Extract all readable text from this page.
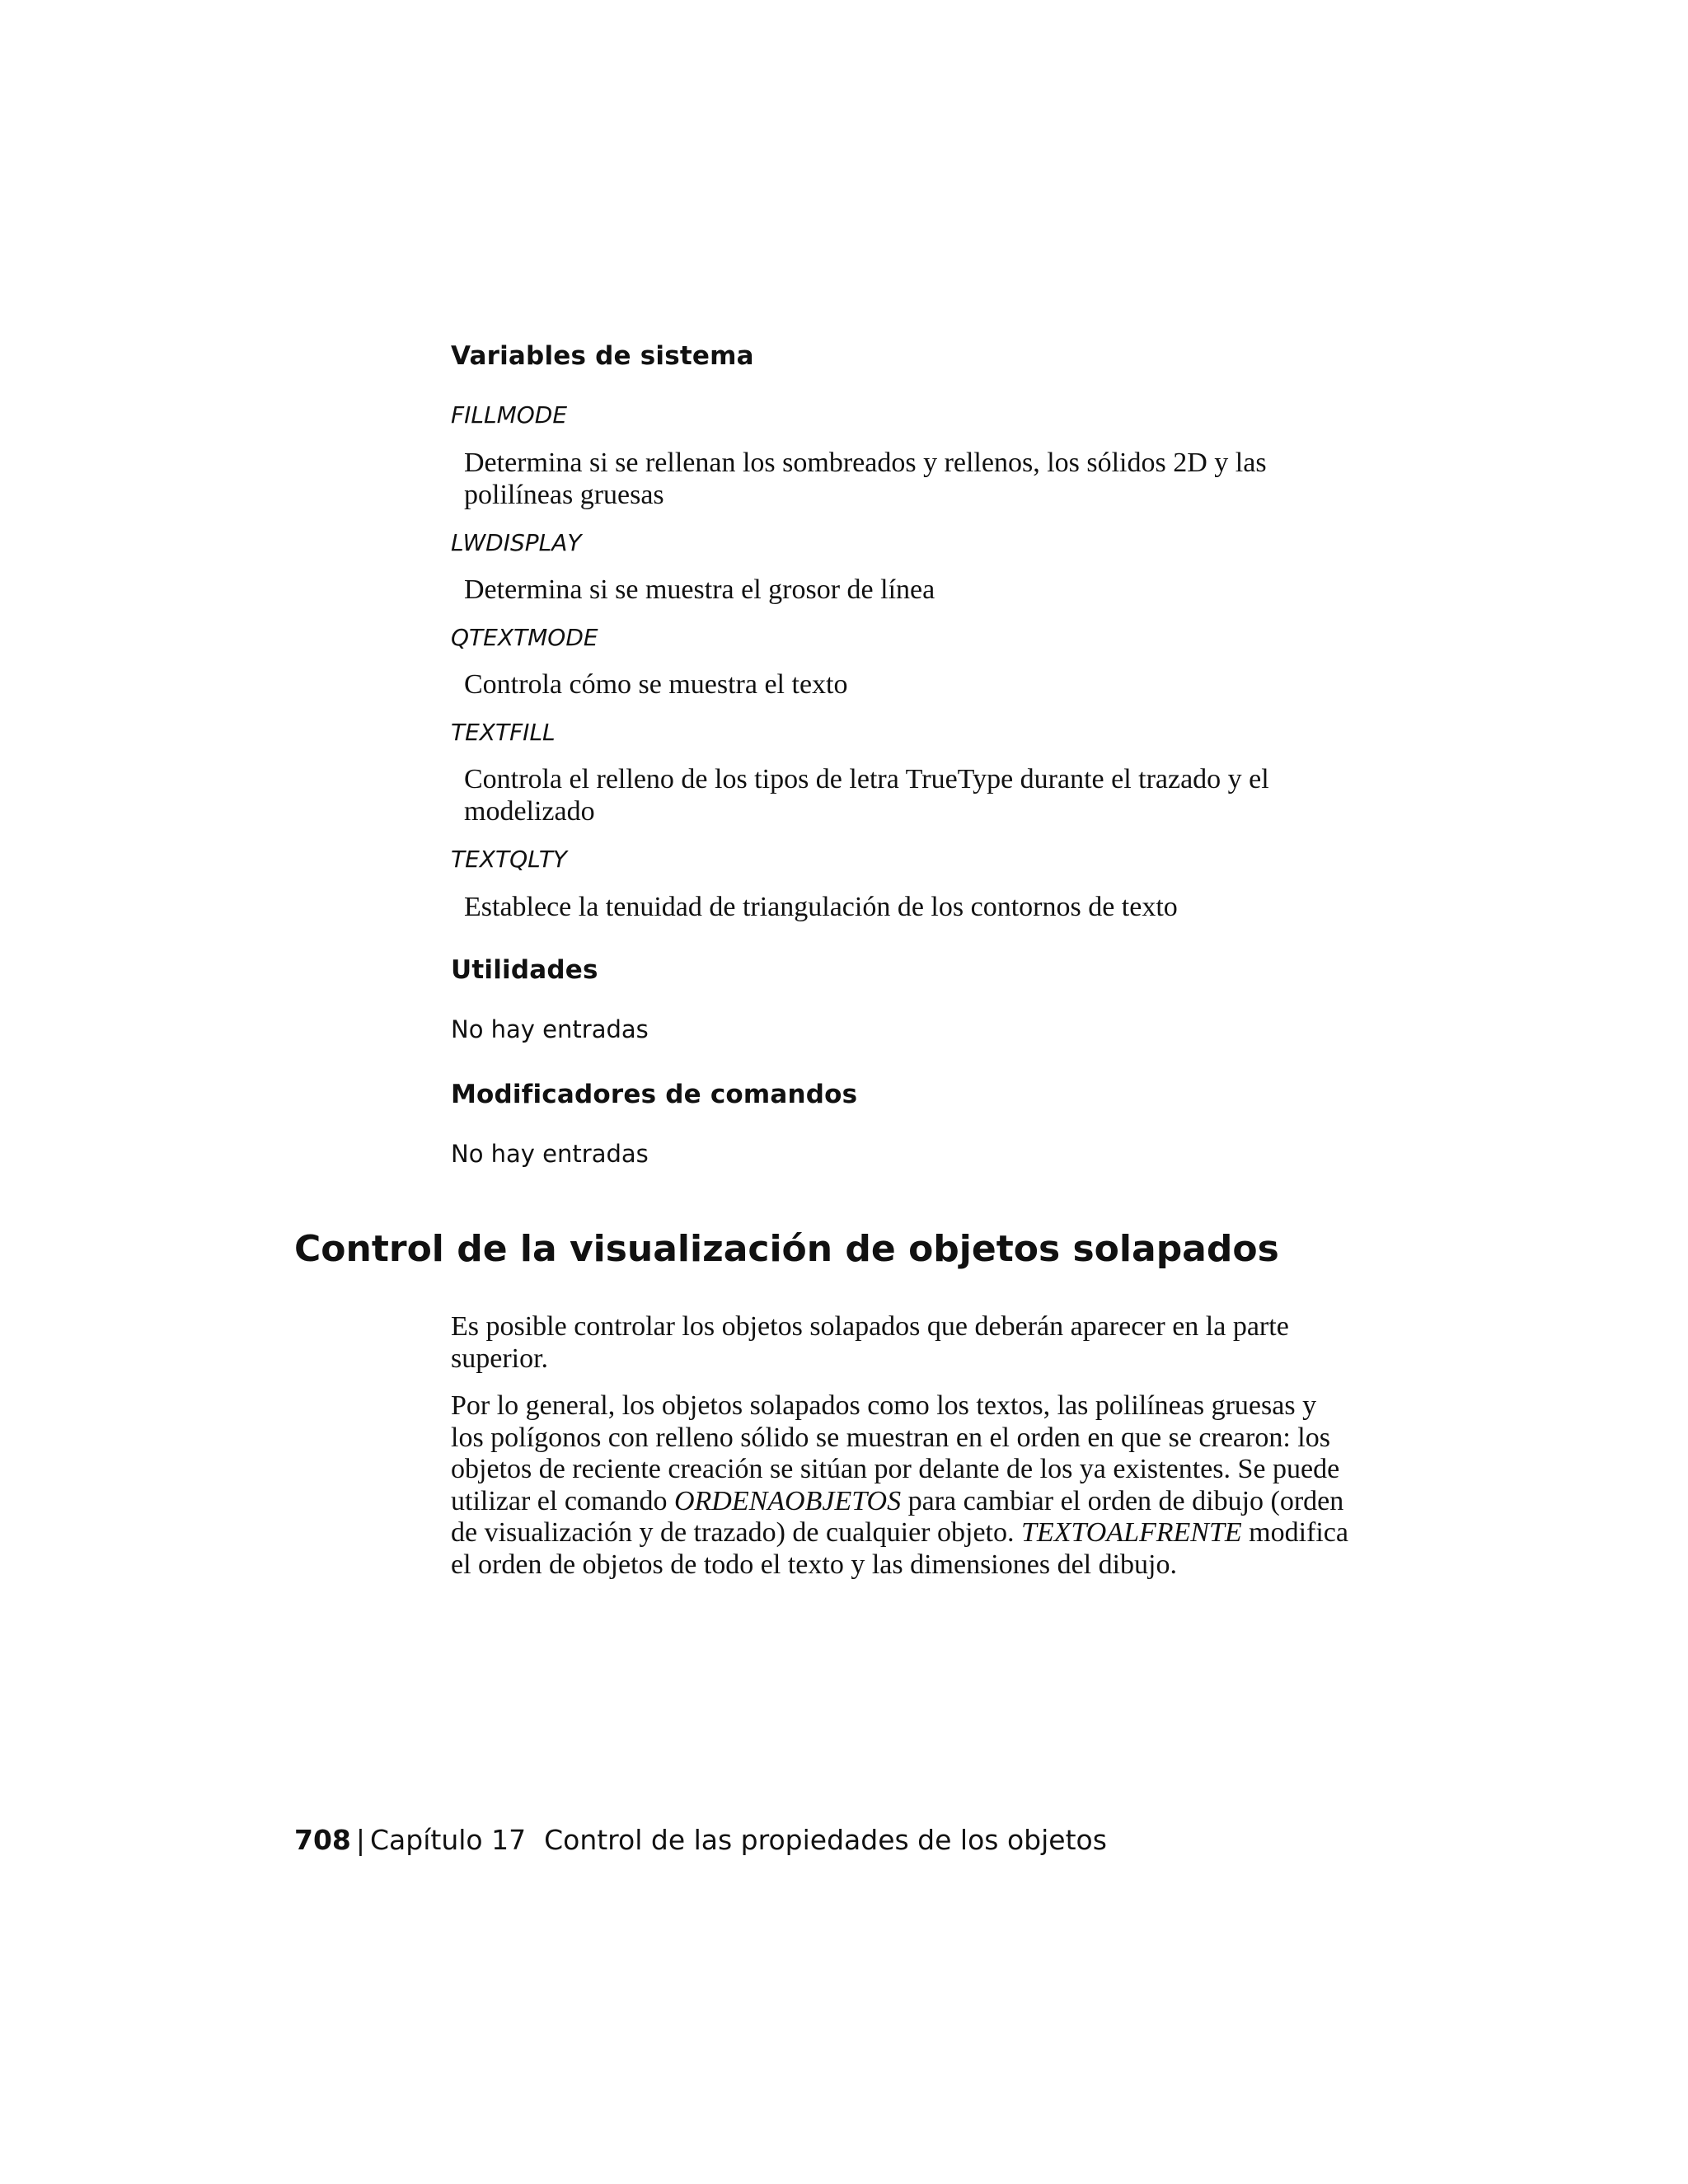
Variables de sistema
FILLMODE

Determina si se rellenan los sombreados y rellenos, los sólidos 2D y las polilíneas gruesas

LWDISPLAY

Determina si se muestra el grosor de línea

QTEXTMODE

Controla cómo se muestra el texto

TEXTFILL

Controla el relleno de los tipos de letra TrueType durante el trazado y el modelizado

TEXTQLTY

Establece la tenuidad de triangulación de los contornos de texto

Utilidades

No hay entradas

Modificadores de comandos

No hay entradas

Control de la visualización de objetos solapados

Es posible controlar los objetos solapados que deberán aparecer en la parte superior.

Por lo general, los objetos solapados como los textos, las polilíneas gruesas y los polígonos con relleno sólido se muestran en el orden en que se crearon: los objetos de reciente creación se sitúan por delante de los ya existentes. Se puede utilizar el comando ORDENAOBJETOS para cambiar el orden de dibujo (orden de visualización y de trazado) de cualquier objeto. TEXTOALFRENTE modifica el orden de objetos de todo el texto y las dimensiones del dibujo.

708 | Capítulo 17 Control de las propiedades de los objetos
